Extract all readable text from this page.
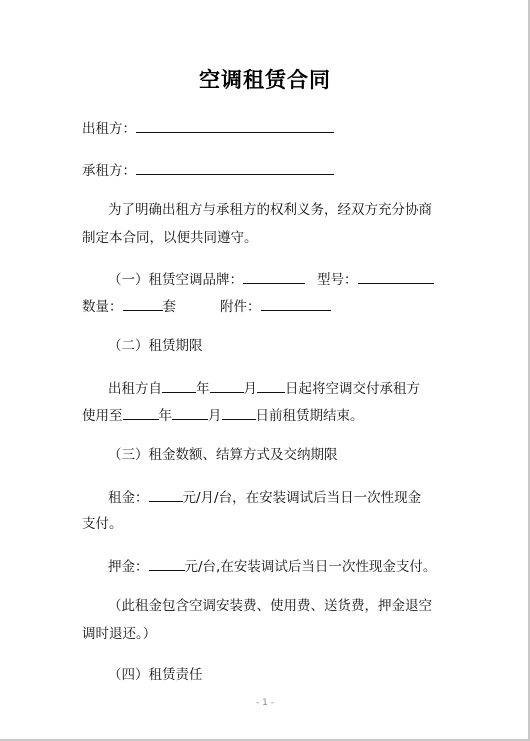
空调租赁合同
出租方：
承租方：
为了明确出租方与承租方的权利义务，经双方充分协商
制定本合同，以便共同遵守。
（一）租赁空调品牌：	型号：
数量：	套	附件：
（二）租赁期限
出租方自	年	月 日起将空调交付承租方
使用至	年	月	日前租赁期结束。
（三）租金数额、结算方式及交纳期限
租金：	元/月/台，在安装调试后当日一次性现金
支付。
押金：	元/台,在安装调试后当日一次性现金支付。
（此租金包含空调安装费、使用费、送货费，押金退空
调时退还。）
（四）租赁责任
- 1 -
